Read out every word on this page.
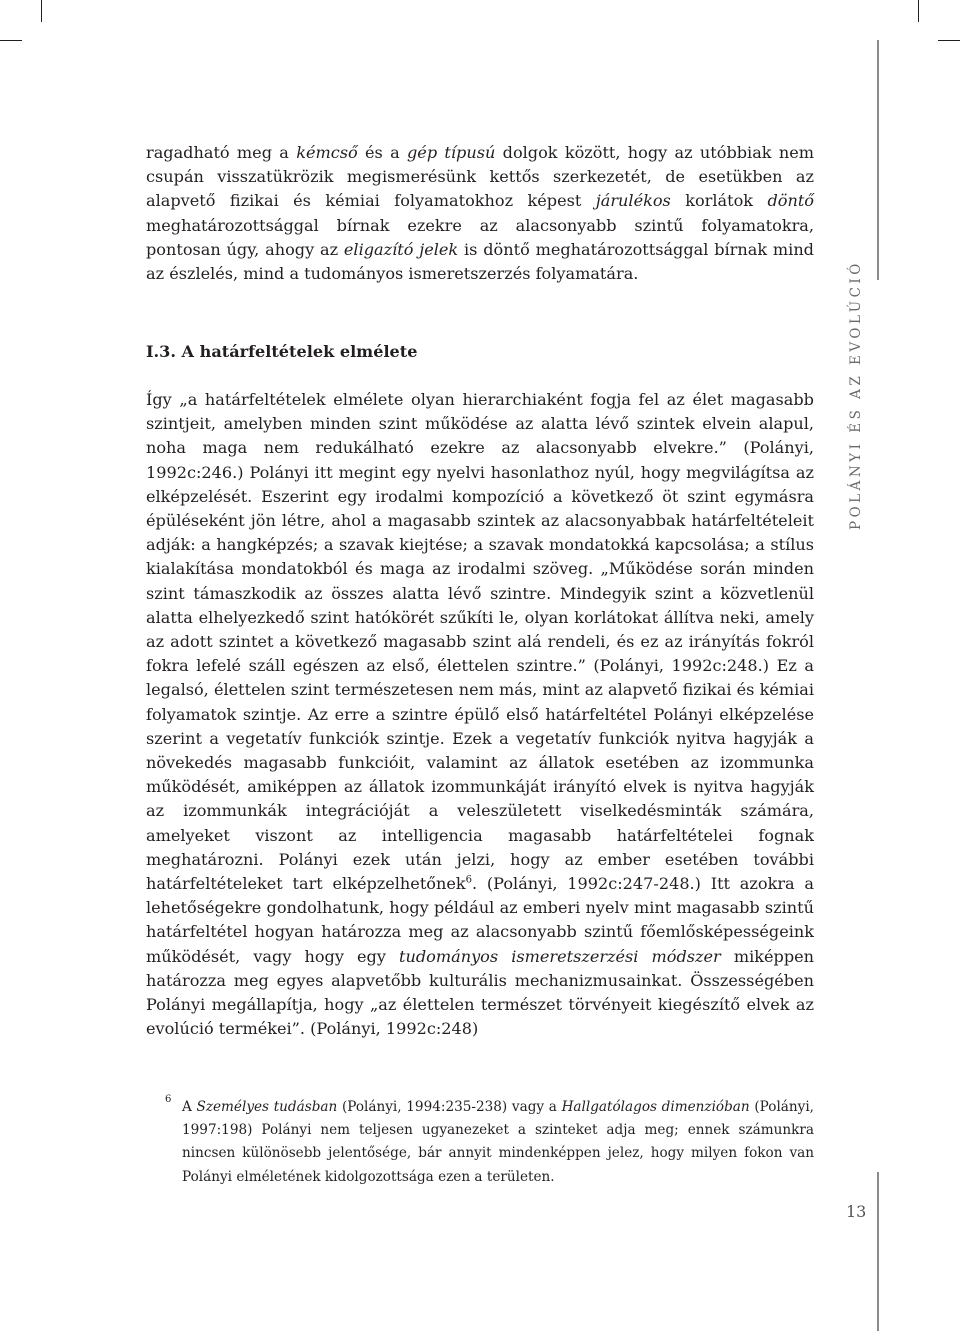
ragadható meg a kémcső és a gép típusú dolgok között, hogy az utóbbiak nem csupán visszatükrözik megismerésünk kettős szerkezetét, de esetükben az alapvető fizikai és kémiai folyamatokhoz képest járulékos korlátok döntő meghatározottsággal bírnak ezekre az alacsonyabb szintű folyamatokra, pontosan úgy, ahogy az eligazító jelek is döntő meghatározottsággal bírnak mind az észlelés, mind a tudományos ismeretszerzés folyamatára.

I.3. A határfeltételek elmélete

Így „a határfeltételek elmélete olyan hierarchiaként fogja fel az élet magasabb szintjeit, amelyben minden szint működése az alatta lévő szintek elvein alapul, noha maga nem redukálható ezekre az alacsonyabb elvekre.” (Polányi, 1992c:246.) Polányi itt megint egy nyelvi hasonlathoz nyúl, hogy megvilágítsa az elképzelését. Eszerint egy irodalmi kompozíció a következő öt szint egymásra épüléseként jön létre, ahol a magasabb szintek az alacsonyabbak határfeltételeit adják: a hangképzés; a szavak kiejtése; a szavak mondatokká kapcsolása; a stílus kialakítása mondatokból és maga az irodalmi szöveg. „Működése során minden szint támaszkodik az összes alatta lévő szintre. Mindegyik szint a közvetlenül alatta elhelyezkedő szint hatókörét szűkíti le, olyan korlátokat állítva neki, amely az adott szintet a következő magasabb szint alá rendeli, és ez az irányítás fokról fokra lefelé száll egészen az első, élettelen szintre.” (Polányi, 1992c:248.) Ez a legalsó, élettelen szint természetesen nem más, mint az alapvető fizikai és kémiai folyamatok szintje. Az erre a szintre épülő első határfeltétel Polányi elképzelése szerint a vegetatív funkciók szintje. Ezek a vegetatív funkciók nyitva hagyják a növekedés magasabb funkcióit, valamint az állatok esetében az izommunka működését, amiképpen az állatok izommunkáját irányító elvek is nyitva hagyják az izommunkák integrációját a veleszületett viselkedésminták számára, amelyeket viszont az intelligencia magasabb határfeltételei fognak meghatározni. Polányi ezek után jelzi, hogy az ember esetében további határfeltételeket tart elképzelhetőnek$^6$. (Polányi, 1992c:247-248.) Itt azokra a lehetőségekre gondolhatunk, hogy például az emberi nyelv mint magasabb szintű határfeltétel hogyan határozza meg az alacsonyabb szintű főemlősképességeink működését, vagy hogy egy tudományos ismeretszerzési módszer miképpen határozza meg egyes alapvetőbb kulturális mechanizmusainkat. Összességében Polányi megállapítja, hogy „az élettelen természet törvényeit kiegészítő elvek az evolúció termékei”. (Polányi, 1992c:248)

6 A Személyes tudásban (Polányi, 1994:235-238) vagy a Hallgatólagos dimenzióban (Polányi, 1997:198) Polányi nem teljesen ugyanezeket a szinteket adja meg; ennek számunkra nincsen különösebb jelentősége, bár annyit mindenképpen jelez, hogy milyen fokon van Polányi elméletének kidolgozottsága ezen a területen.
POLÁNYI ÉS AZ EVOLÚCIÓ
13
